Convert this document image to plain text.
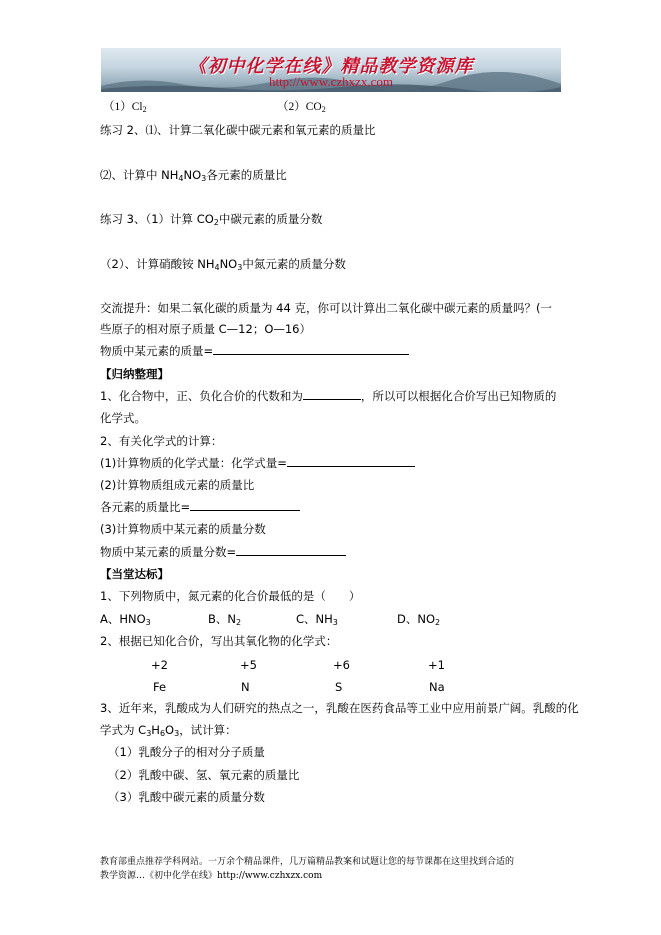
《初中化学在线》精品教学资源库
http://www.czhxzx.com
$(1)Cl_2$	$(2)CO_2$
练习 2、⑴、计算二氧化碳中碳元素和氧元素的质量比
⑵、计算中 $NH_4NO_3$各元素的质量比
练习 3、（1）计算 $CO_2$中碳元素的质量分数
（2）、计算硝酸铵 $NH_4NO_3$中氮元素的质量分数
交流提升：如果二氧化碳的质量为 44 克，你可以计算出二氧化碳中碳元素的质量吗？(一
些原子的相对原子质量 C—12；O—16）
物质中某元素的质量=
【归纳整理】
1、化合物中，正、负化合价的代数和为	，所以可以根据化合价写出已知物质的
化学式。
2、有关化学式的计算：
(1)计算物质的化学式量：化学式量=
(2)计算物质组成元素的质量比
各元素的质量比=
(3)计算物质中某元素的质量分数
物质中某元素的质量分数=
【当堂达标】
1、下列物质中，氮元素的化合价最低的是（　　）
A、$HNO_3$	B、$N_2$	C、$NH_3$	D、$NO_2$
2、根据已知化合价，写出其氧化物的化学式：
+2	+5	+6	+1
Fe	N	S	Na
3、近年来，乳酸成为人们研究的热点之一，乳酸在医药食品等工业中应用前景广阔。乳酸的化
学式为 $C_3H_6O_3$，试计算：
（1）乳酸分子的相对分子质量
（2）乳酸中碳、氢、氧元素的质量比
（3）乳酸中碳元素的质量分数
教育部重点推荐学科网站。一万余个精品课件，几万篇精品教案和试题让您的每节课都在这里找到合适的
教学资源…《初中化学在线》http://www.czhxzx.com
